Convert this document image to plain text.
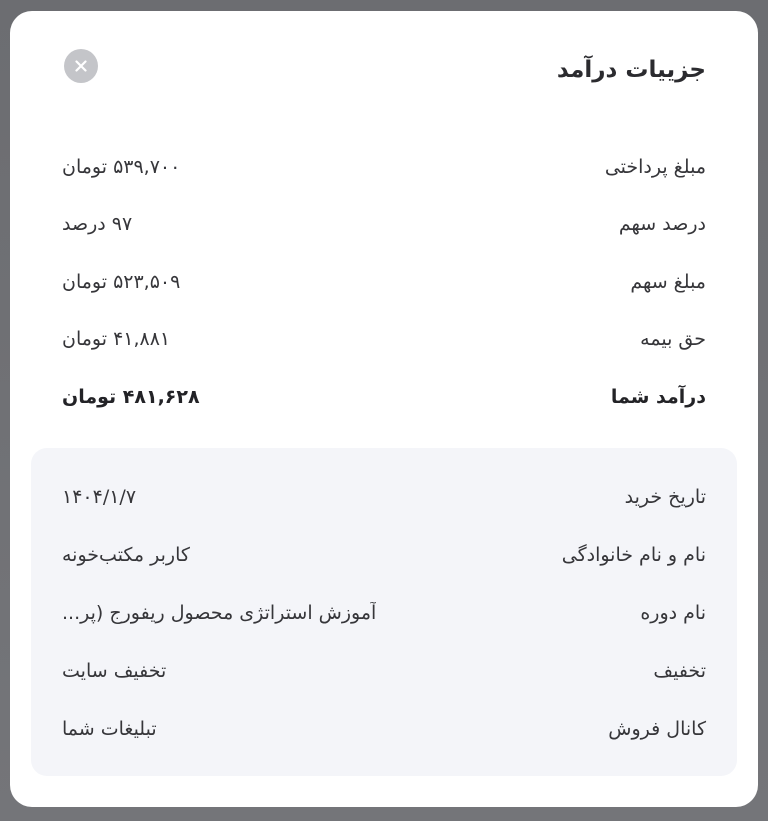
جزییات درآمد
مبلغ پرداختی
۵۳۹,۷۰۰ تومان
درصد سهم
۹۷ درصد
مبلغ سهم
۵۲۳,۵۰۹ تومان
حق بیمه
۴۱,۸۸۱ تومان
درآمد شما
۴۸۱,۶۲۸ تومان
تاریخ خرید
۱۴۰۴/۱/۷
نام و نام خانوادگی
کاربر مکتب‌خونه
نام دوره
آموزش استراتژی محصول ریفورج (پر...
تخفیف
تخفیف سایت
کانال فروش
تبلیغات شما
